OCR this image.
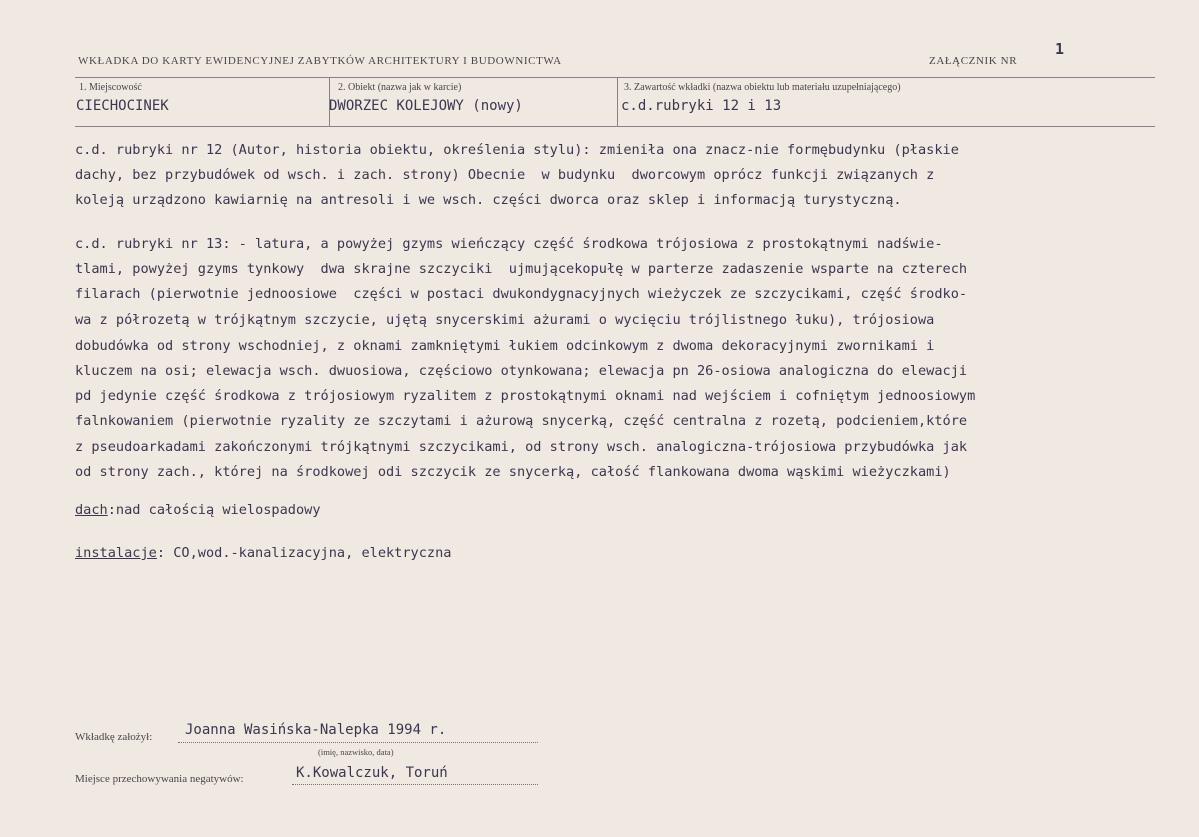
WKŁADKA DO KARTY EWIDENCYJNEJ ZABYTKÓW ARCHITEKTURY I BUDOWNICTWA	ZAŁĄCZNIK NR
1
1. Miejscowość
CIECHOCINEK
2. Obiekt (nazwa jak w karcie)
DWORZEC KOLEJOWY (nowy)
3. Zawartość wkładki (nazwa obiektu lub materiału uzupełniającego)
c.d.rubryki 12 i 13
c.d. rubryki nr 12 (Autor, historia obiektu, określenia stylu): zmieniła ona znacz-nie formębudynku (płaskie
dachy, bez przybudówek od wsch. i zach. strony) Obecnie  w budynku  dworcowym oprócz funkcji związanych z
koleją urządzono kawiarnię na antresoli i we wsch. części dworca oraz sklep i informacją turystyczną.
c.d. rubryki nr 13: - latura, a powyżej gzyms wieńczący część środkowa trójosiowa z prostokątnymi nadświe-
tlami, powyżej gzyms tynkowy  dwa skrajne szczyciki  ujmującekopułę w parterze zadaszenie wsparte na czterech
filarach (pierwotnie jednoosiowe  części w postaci dwukondygnacyjnych wieżyczek ze szczycikami, część środko-
wa z półrozetą w trójkątnym szczycie, ujętą snycerskimi ażurami o wycięciu trójlistnego łuku), trójosiowa
dobudówka od strony wschodniej, z oknami zamkniętymi łukiem odcinkowym z dwoma dekoracyjnymi zwornikami i
kluczem na osi; elewacja wsch. dwuosiowa, częściowo otynkowana; elewacja pn 26-osiowa analogiczna do elewacji
pd jedynie część środkowa z trójosiowym ryzalitem z prostokątnymi oknami nad wejściem i cofniętym jednoosiowym
falnkowaniem (pierwotnie ryzality ze szczytami i ażurową snycerką, część centralna z rozetą, podcieniem,które
z pseudoarkadami zakończonymi trójkątnymi szczycikami, od strony wsch. analogiczna-trójosiowa przybudówka jak
od strony zach., której na środkowej odi szczycik ze snycerką, całość flankowana dwoma wąskimi wieżyczkami)
dach:nad całością wielospadowy
instalacje: CO,wod.-kanalizacyjna, elektryczna
Wkładkę założył: Joanna Wasińska-Nalepka 1994 r.
(imię, nazwisko, data)
Miejsce przechowywania negatywów:	K.Kowalczuk, Toruń
